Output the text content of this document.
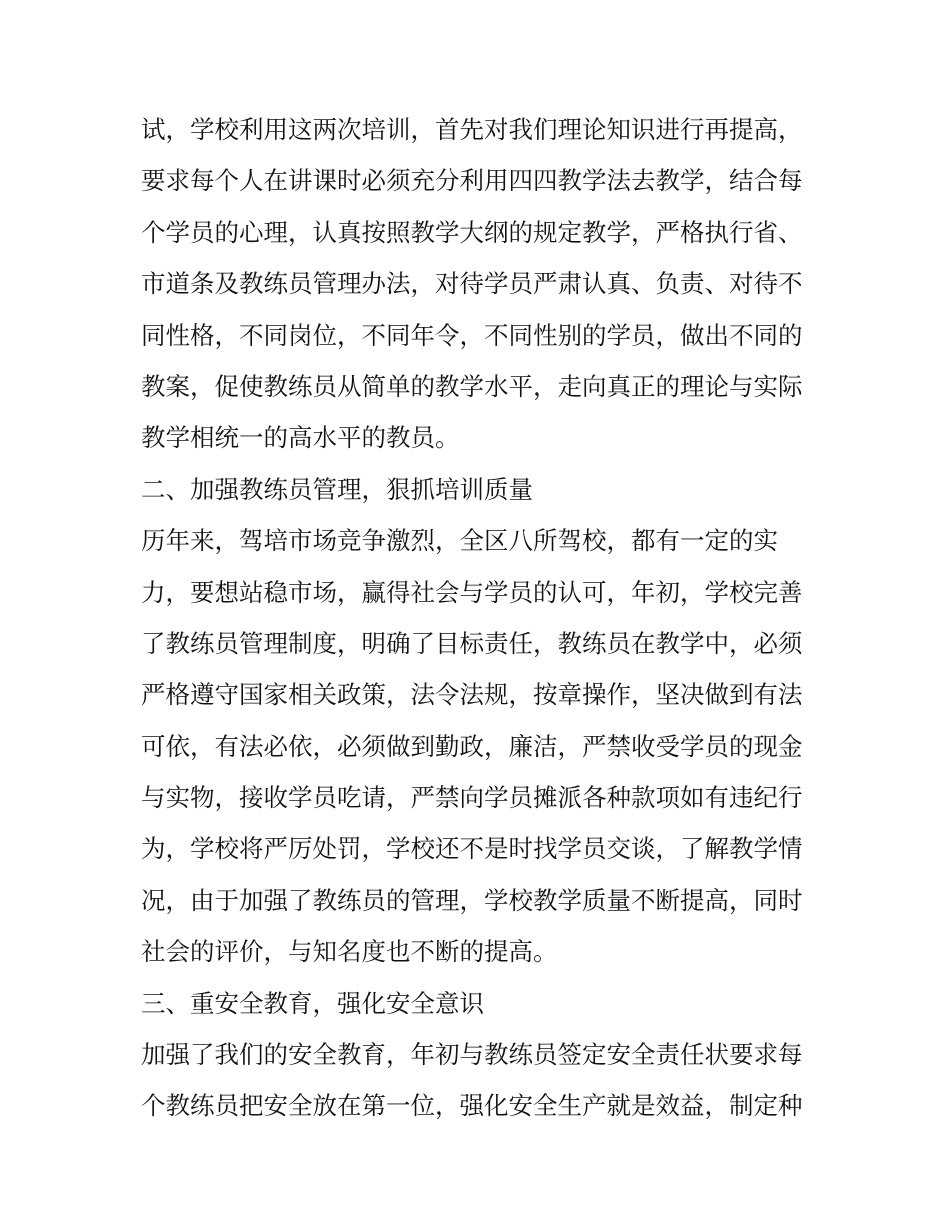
试，学校利用这两次培训，首先对我们理论知识进行再提高，
要求每个人在讲课时必须充分利用四四教学法去教学，结合每
个学员的心理，认真按照教学大纲的规定教学，严格执行省、
市道条及教练员管理办法，对待学员严肃认真、负责、对待不
同性格，不同岗位，不同年令，不同性别的学员，做出不同的
教案，促使教练员从简单的教学水平，走向真正的理论与实际
教学相统一的高水平的教员。
二、加强教练员管理，狠抓培训质量
历年来，驾培市场竞争激烈，全区八所驾校，都有一定的实
力，要想站稳市场，赢得社会与学员的认可，年初，学校完善
了教练员管理制度，明确了目标责任，教练员在教学中，必须
严格遵守国家相关政策，法令法规，按章操作，坚决做到有法
可依，有法必依，必须做到勤政，廉洁，严禁收受学员的现金
与实物，接收学员吃请，严禁向学员摊派各种款项如有违纪行
为，学校将严厉处罚，学校还不是时找学员交谈，了解教学情
况，由于加强了教练员的管理，学校教学质量不断提高，同时
社会的评价，与知名度也不断的提高。
三、重安全教育，强化安全意识
加强了我们的安全教育，年初与教练员签定安全责任状要求每
个教练员把安全放在第一位，强化安全生产就是效益，制定种
